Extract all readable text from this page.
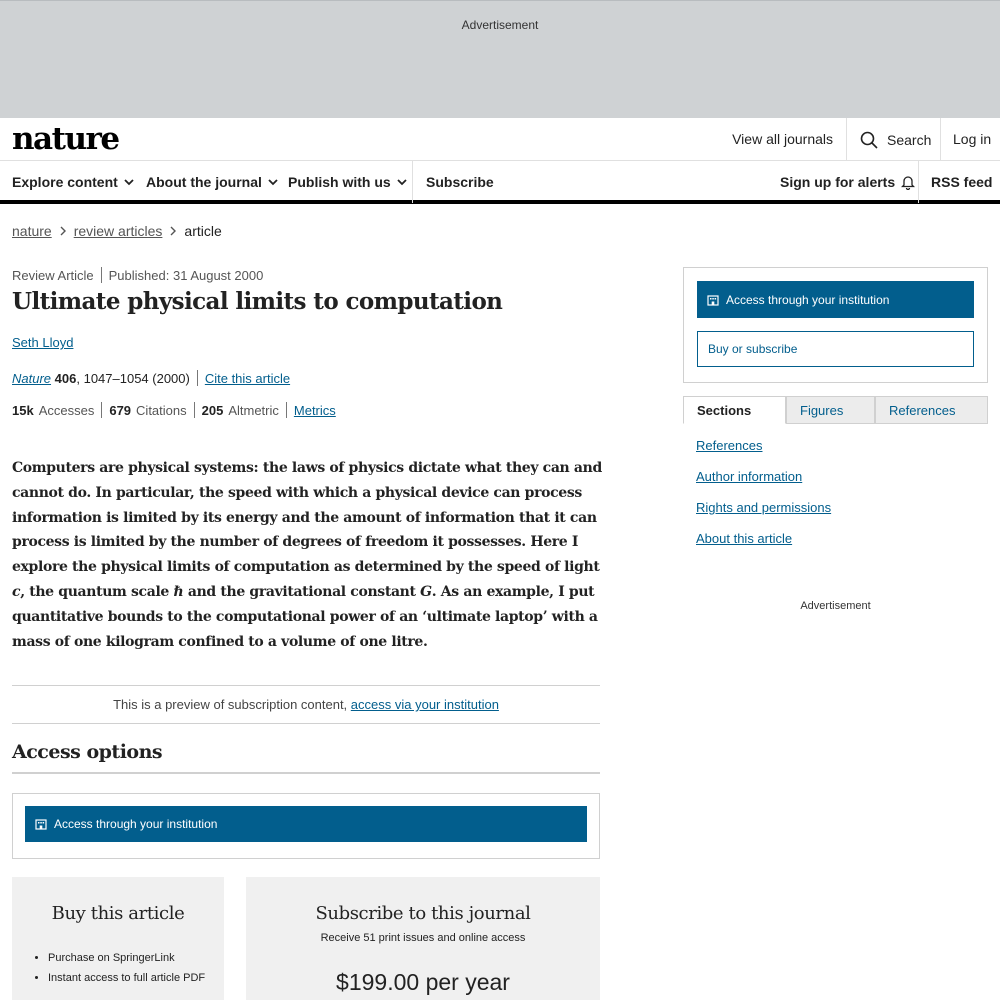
Advertisement
nature	View all journals	Search Log in
Explore content About the journal Publish with us	Subscribe	Sign up for alerts	RSS feed
nature review articles article
Review Article Published: 31 August 2000
Ultimate physical limits to computation
Seth Lloyd
Nature
406 , 1047–1054 (2000) Cite this article
15k Accesses 679 Citations 205 Altmetric Metrics

Computers are physical systems: the laws of physics dictate what they can and cannot do. In particular, the speed with which a physical device can process information is limited by its energy and the amount of information that it can process is limited by the number of degrees of freedom it possesses. Here I explore the physical limits of computation as determined by the speed of light c, the quantum scale ℏ and the gravitational constant G. As an example, I put quantitative bounds to the computational power of an ‘ultimate laptop’ with a mass of one kilogram confined to a volume of one litre.

This is a preview of subscription content, access via your institution
Access options
Access through your institution
Buy this article
• Purchase on SpringerLink
• Instant access to full article PDF
Subscribe to this journal
Receive 51 print issues and online access
$199.00 per year
Access through your institution
Buy or subscribe
Sections	Figures	References
References
Author information
Rights and permissions
About this article
Advertisement
